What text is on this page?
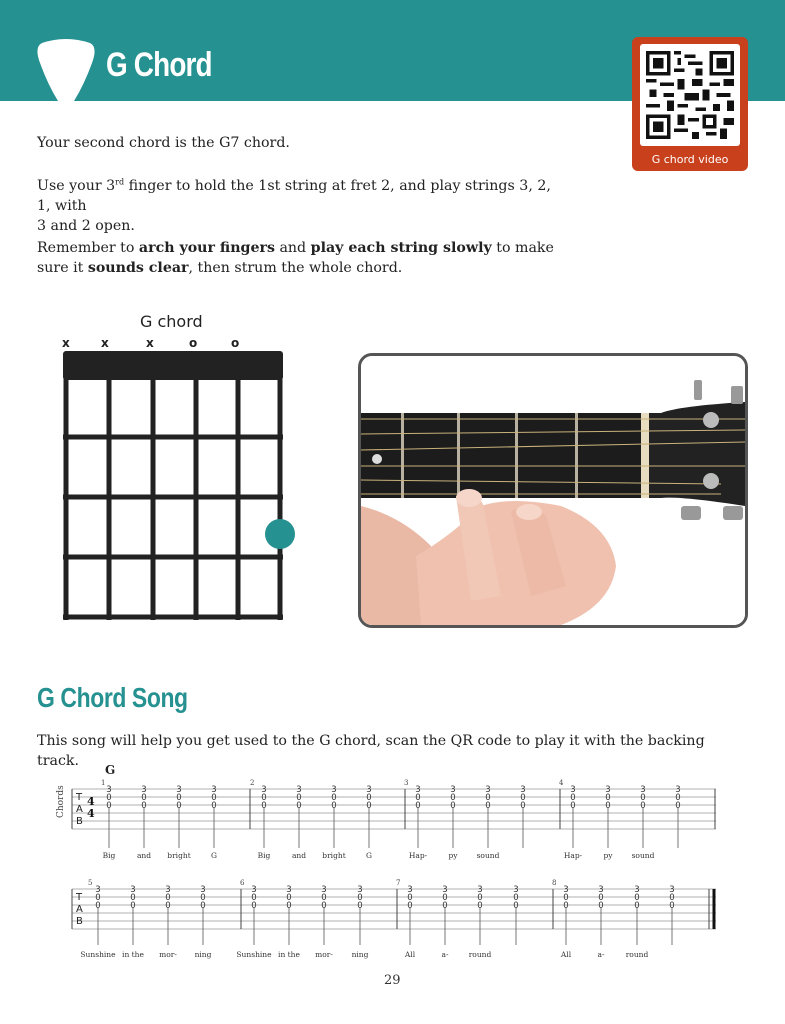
G Chord
G chord video

Your second chord is the G7 chord.

Use your 3rd finger to hold the 1st string at fret 2, and play strings 3, 2, 1, with
3 and 2 open.

Remember to arch your fingers and play each string slowly to make
sure it sounds clear, then strum the whole chord.

G chord
x	x	x	o	o
G Chord Song

This song will help you get used to the G chord, scan the QR code to play it with the backing track.

G
Chords T
A
B
T
A
B
4
4
1	2	3	4
5	6	7	8
3
0
0
3
0
0
3
0
0
3
0
0
3
0
0
3
0
0
3
0
0
3
0
0
3
0
0
3
0
0
3
0
0
3
0
0
3
0
0
3
0
0
3
0
0
3
0
0
3
0
0
3
0
0
3
0
0
3
0
0
3
0
0
3
0
0
3
0
0
3
0
0
3
0
0
3
0
0
3
0
0
3
0
0
3
0
0
3
0
0
3
0
0
3
0
0
Big	and bright	G	Big	and bright	G	Hap-	py	sound	Hap-	py	sound
Sunshine in the mor- ning	Sunshine in the mor- ning	All	a-	round	All	a-	round
29
